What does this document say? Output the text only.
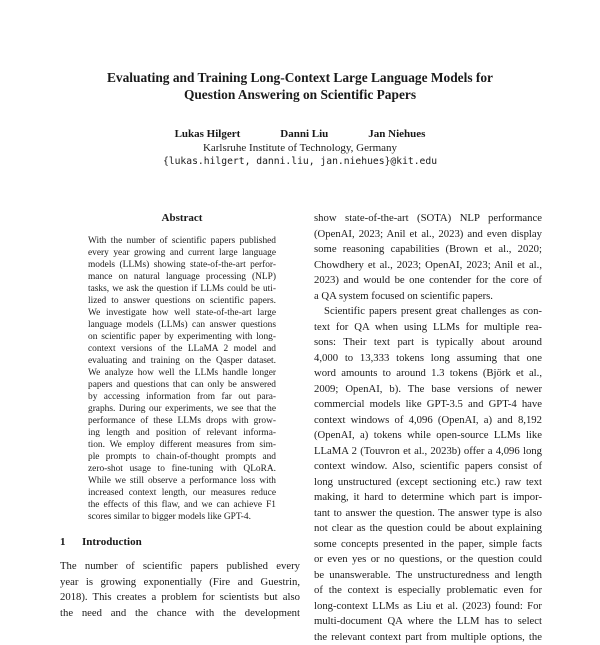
Evaluating and Training Long-Context Large Language Models for
Question Answering on Scientific Papers
Lukas Hilgert	Danni Liu	Jan Niehues
Karlsruhe Institute of Technology, Germany
{lukas.hilgert, danni.liu, jan.niehues}@kit.edu
Abstract
With the number of scientific papers published
every year growing and current large language
models (LLMs) showing state-of-the-art perfor-
mance on natural language processing (NLP)
tasks, we ask the question if LLMs could be uti-
lized to answer questions on scientific papers.
We investigate how well state-of-the-art large
language models (LLMs) can answer questions
on scientific paper by experimenting with long-
context versions of the LLaMA 2 model and
evaluating and training on the Qasper dataset.
We analyze how well the LLMs handle longer
papers and questions that can only be answered
by accessing information from far out para-
graphs. During our experiments, we see that the
performance of these LLMs drops with grow-
ing length and position of relevant informa-
tion. We employ different measures from sim-
ple prompts to chain-of-thought prompts and
zero-shot usage to fine-tuning with QLoRA.
While we still observe a performance loss with
increased context length, our measures reduce
the effects of this flaw, and we can achieve F1
scores similar to bigger models like GPT-4.
1 Introduction
The number of scientific papers published every
year is growing exponentially (Fire and Guestrin,
2018). This creates a problem for scientists but also
the need and the chance with the development
show state-of-the-art (SOTA) NLP performance
(OpenAI, 2023; Anil et al., 2023) and even display
some reasoning capabilities (Brown et al., 2020;
Chowdhery et al., 2023; OpenAI, 2023; Anil et al.,
2023) and would be one contender for the core of
a QA system focused on scientific papers.
Scientific papers present great challenges as con-
text for QA when using LLMs for multiple rea-
sons: Their text part is typically about around
4,000 to 13,333 tokens long assuming that one
word amounts to around 1.3 tokens (Björk et al.,
2009; OpenAI, b). The base versions of newer
commercial models like GPT-3.5 and GPT-4 have
context windows of 4,096 (OpenAI, a) and 8,192
(OpenAI, a) tokens while open-source LLMs like
LLaMA 2 (Touvron et al., 2023b) offer a 4,096 long
context window. Also, scientific papers consist of
long unstructured (except sectioning etc.) raw text
making, it hard to determine which part is impor-
tant to answer the question. The answer type is also
not clear as the question could be about explaining
some concepts presented in the paper, simple facts
or even yes or no questions, or the question could
be unanswerable. The unstructuredness and length
of the context is especially problematic even for
long-context LLMs as Liu et al. (2023) found: For
multi-document QA where the LLM has to select
the relevant context part from multiple options, the
